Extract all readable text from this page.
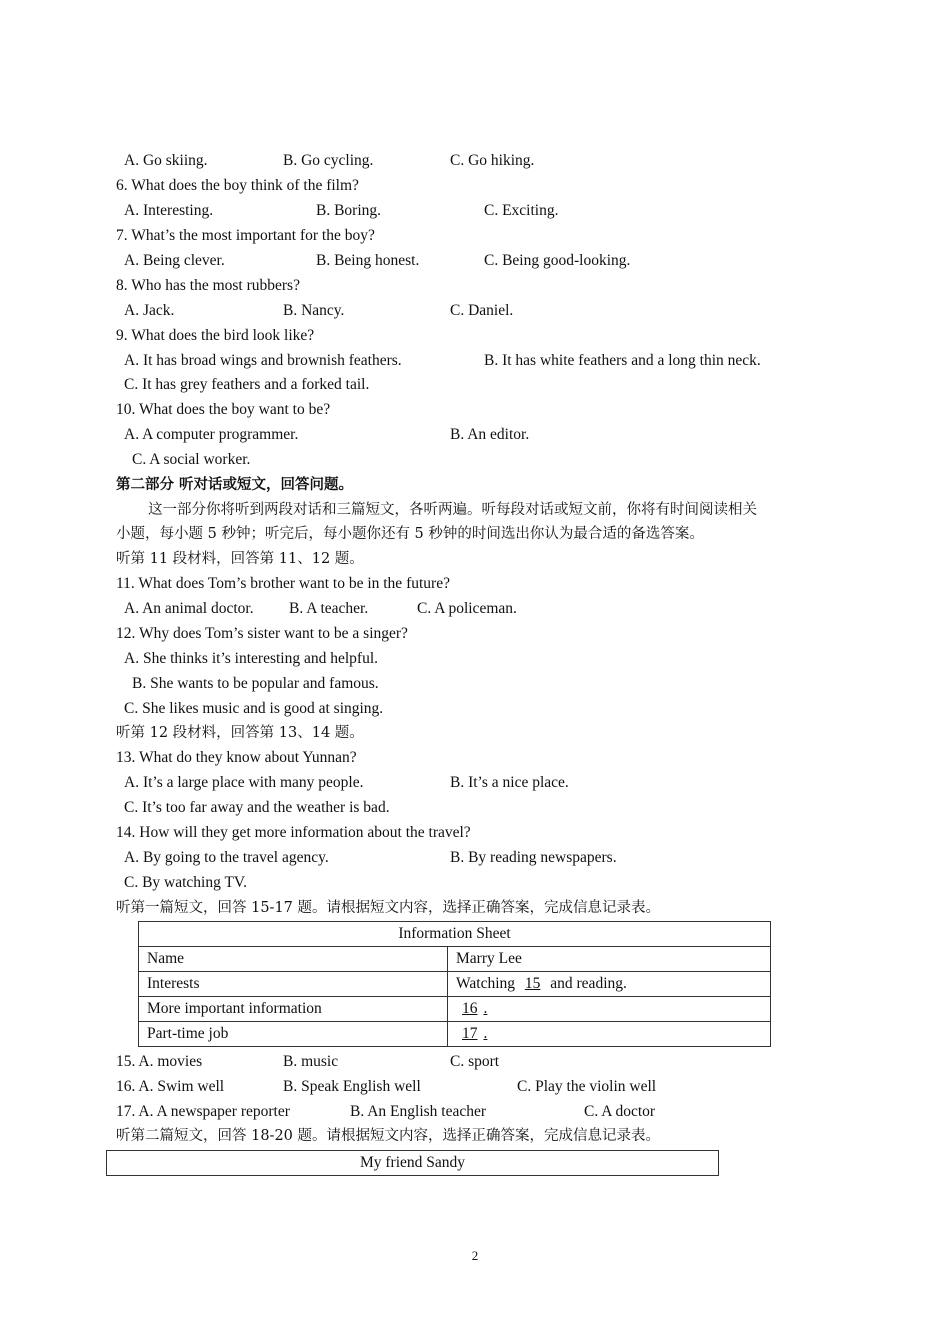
A. Go skiing.	B. Go cycling.	C. Go hiking.
6. What does the boy think of the film?
A. Interesting.	B. Boring.	C. Exciting.
7. What’s the most important for the boy?
A. Being clever.	B. Being honest.	C. Being good-looking.
8. Who has the most rubbers?
A. Jack.	B. Nancy.	C. Daniel.
9. What does the bird look like?
A. It has broad wings and brownish feathers.	B. It has white feathers and a long thin neck.
C. It has grey feathers and a forked tail.
10. What does the boy want to be?
A. A computer programmer.	B. An editor.
C. A social worker.
第二部分 听对话或短文，回答问题。
这一部分你将听到两段对话和三篇短文，各听两遍。听每段对话或短文前，你将有时间阅读相关
小题，每小题 5 秒钟；听完后，每小题你还有 5 秒钟的时间选出你认为最合适的备选答案。
听第 11 段材料，回答第 11、12 题。
11. What does Tom’s brother want to be in the future?
A. An animal doctor. B. A teacher.	C. A policeman.
12. Why does Tom’s sister want to be a singer?
A. She thinks it’s interesting and helpful.
B. She wants to be popular and famous.
C. She likes music and is good at singing.
听第 12 段材料，回答第 13、14 题。
13. What do they know about Yunnan?
A. It’s a large place with many people.	B. It’s a nice place.
C. It’s too far away and the weather is bad.
14. How will they get more information about the travel?
A. By going to the travel agency.	B. By reading newspapers.
C. By watching TV.
听第一篇短文，回答 15-17 题。请根据短文内容，选择正确答案，完成信息记录表。
Information Sheet	
Name	Marry Lee
Interests	Watching 15 and reading.
More important information	16 .
Part-time job	17 .
15. A. movies	B. music	C. sport
16. A. Swim well	B. Speak English well	C. Play the violin well
17. A. A newspaper reporter	B. An English teacher	C. A doctor
听第二篇短文，回答 18-20 题。请根据短文内容，选择正确答案，完成信息记录表。
My friend Sandy
2
